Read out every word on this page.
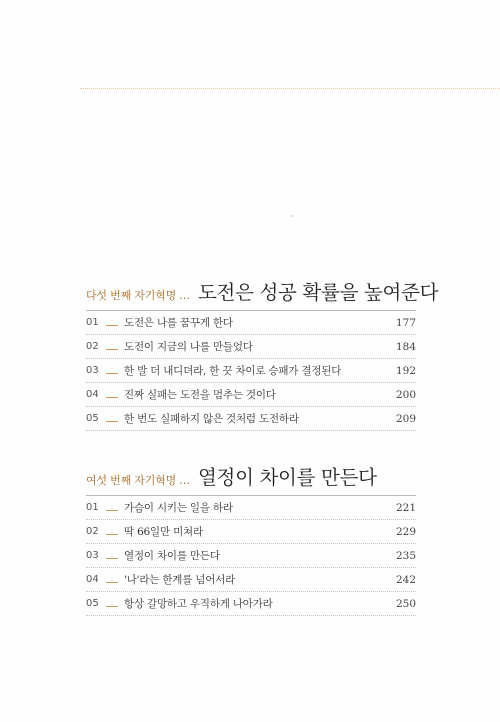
다섯 번째 자기혁명 … 도전은 성공 확률을 높여준다
01	도전은 나를 꿈꾸게 한다	177
02	도전이 지금의 나를 만들었다	184
03	한 발 더 내디뎌라, 한 끗 차이로 승패가 결정된다	192
04	진짜 실패는 도전을 멈추는 것이다	200
05	한 번도 실패하지 않은 것처럼 도전하라	209
여섯 번째 자기혁명 … 열정이 차이를 만든다
01	가슴이 시키는 일을 하라	221
02	딱 66일만 미쳐라	229
03	열정이 차이를 만든다	235
04	'나'라는 한계를 넘어서라	242
05	항상 갈망하고 우직하게 나아가라	250
